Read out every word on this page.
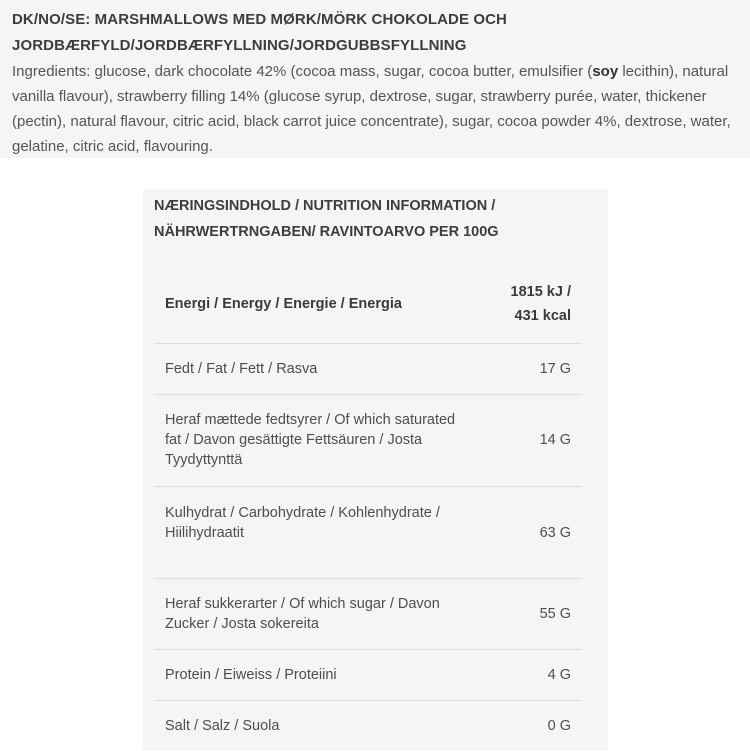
DK/NO/SE: MARSHMALLOWS MED MØRK/MÖRK CHOKOLADE OCH
JORDBÆRFYLD/JORDBÆRFYLLNING/JORDGUBBSFYLLNING
Ingredients: glucose, dark chocolate 42% (cocoa mass, sugar, cocoa butter, emulsifier (soy lecithin), natural vanilla flavour), strawberry filling 14% (glucose syrup, dextrose, sugar, strawberry purée, water, thickener (pectin), natural flavour, citric acid, black carrot juice concentrate), sugar, cocoa powder 4%, dextrose, water, gelatine, citric acid, flavouring.
NÆRINGSINDHOLD / NUTRITION INFORMATION /
NÄHRWERTRNGABEN/ RAVINTOARVO PER 100G
Energi / Energy / Energie / Energia	1815 kJ /
431 kcal

Fedt / Fat / Fett / Rasva	17 G
Heraf mættede fedtsyrer / Of which saturated fat / Davon gesättigte Fettsäuren / Josta Tyydyttynttä	14 G

Kulhydrat / Carbohydrate / Kohlenhydrate / Hiilihydraatit	63 G
Heraf sukkerarter / Of which sugar / Davon Zucker / Josta sokereita	55 G
Protein / Eiweiss / Proteiini	4 G
Salt / Salz / Suola	0 G
